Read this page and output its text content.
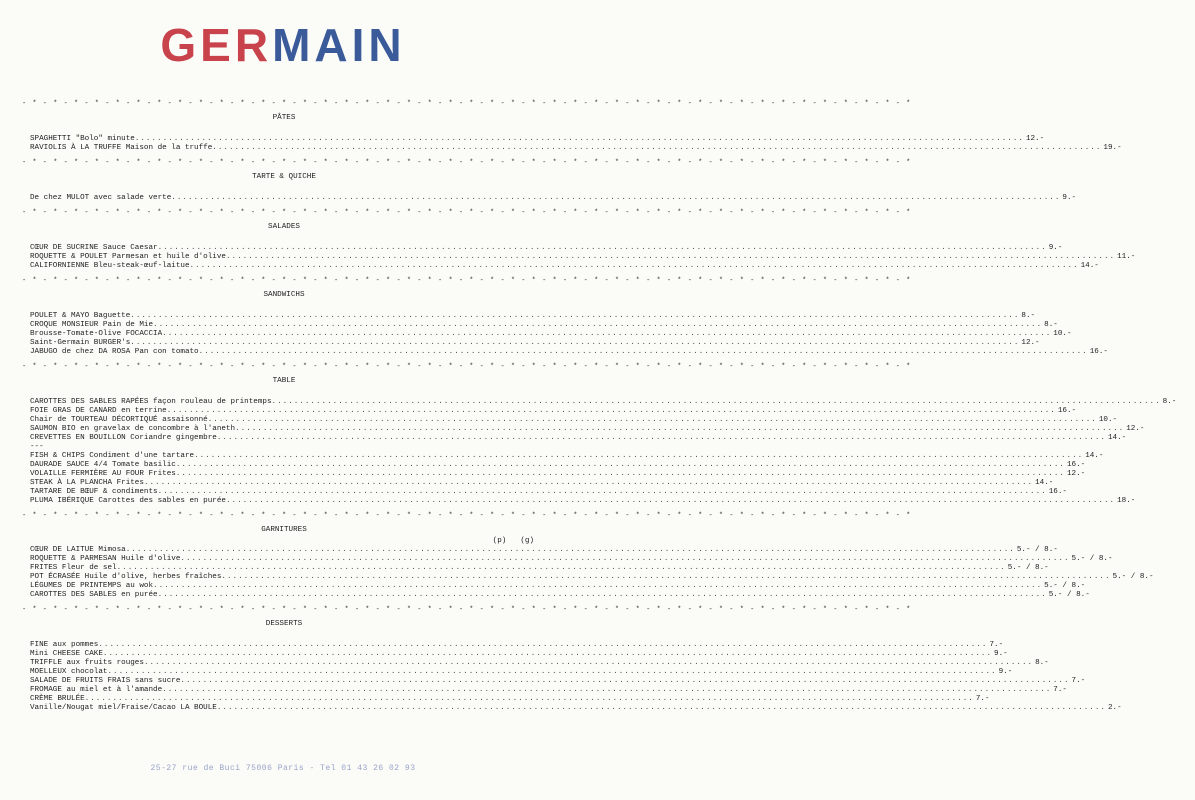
GERMAIN
- * - * - * - * - * - * - * - * - * - * - * - * - * - * - * - * - * - * - * - * - * - * - * - * - * - * - * - * - * - * - * - * - * - * - * - * - * - * - * - * - * - * - *
PÂTES
SPAGHETTI "Bolo" minute .....	12.-
RAVIOLIS À LA TRUFFE Maison de la truffe .....	19.-
- * - * - * - * - * - * - * - * - * - * - * - * - * - * - * - * - * - * - * - * - * - * - * - * - * - * - * - * - * - * - * - * - * - * - * - * - * - * - * - * - * - * - *
TARTE & QUICHE
De chez MULOT avec salade verte .....	9.-
- * - * - * - * - * - * - * - * - * - * - * - * - * - * - * - * - * - * - * - * - * - * - * - * - * - * - * - * - * - * - * - * - * - * - * - * - * - * - * - * - * - * - *
SALADES
CŒUR DE SUCRINE Sauce Caesar .....	9.-
ROQUETTE & POULET Parmesan et huile d'olive .....	11.-
CALIFORNIENNE Bleu-steak-œuf-laitue .....	14.-
- * - * - * - * - * - * - * - * - * - * - * - * - * - * - * - * - * - * - * - * - * - * - * - * - * - * - * - * - * - * - * - * - * - * - * - * - * - * - * - * - * - * - *
SANDWICHS
POULET & MAYO Baguette .....	8.-
CROQUE MONSIEUR Pain de Mie .....	8.-
Brousse-Tomate-Olive FOCACCIA .....	10.-
Saint-Germain BURGER's .....	12.-
JABUGO de chez DA ROSA Pan con tomato .....	16.-
- * - * - * - * - * - * - * - * - * - * - * - * - * - * - * - * - * - * - * - * - * - * - * - * - * - * - * - * - * - * - * - * - * - * - * - * - * - * - * - * - * - * - *
TABLE
CAROTTES DES SABLES RAPÉES façon rouleau de printemps .....	8.-
FOIE GRAS DE CANARD en terrine .....	16.-
Chair de TOURTEAU DÉCORTIQUÉ assaisonné .....	10.-
SAUMON BIO en gravelax de concombre à l'aneth .....	12.-
CREVETTES EN BOUILLON Coriandre gingembre .....	14.-
---
FISH & CHIPS Condiment d'une tartare .....	14.-
DAURADE SAUCE 4/4 Tomate basilic .....	16.-
VOLAILLE FERMIÈRE AU FOUR Frites .....	12.-
STEAK À LA PLANCHA Frites .....	14.-
TARTARE DE BŒUF & condiments .....	16.-
PLUMA IBÉRIQUE Carottes des sables en purée .....	18.-
- * - * - * - * - * - * - * - * - * - * - * - * - * - * - * - * - * - * - * - * - * - * - * - * - * - * - * - * - * - * - * - * - * - * - * - * - * - * - * - * - * - * - *
GARNITURES
(p) (g)
CŒUR DE LAITUE Mimosa .....	5.- / 8.-
ROQUETTE & PARMESAN Huile d'olive .....	5.- / 8.-
FRITES Fleur de sel .....	5.- / 8.-
POT ÉCRASÉE Huile d'olive, herbes fraîches .....	5.- / 8.-
LÉGUMES DE PRINTEMPS au wok .....	5.- / 8.-
CAROTTES DES SABLES en purée .....	5.- / 8.-
- * - * - * - * - * - * - * - * - * - * - * - * - * - * - * - * - * - * - * - * - * - * - * - * - * - * - * - * - * - * - * - * - * - * - * - * - * - * - * - * - * - * - *
DESSERTS
FINE aux pommes .....	7.-
Mini CHEESE CAKE .....	9.-
TRIFFLE aux fruits rouges .....	8.-
MOELLEUX chocolat .....	9.-
SALADE DE FRUITS FRAIS sans sucre .....	7.-
FROMAGE au miel et à l'amande .....	7.-
CRÈME BRULÉE .....	7.-
Vanille/Nougat miel/Fraise/Cacao LA BOULE .....	2.-
25-27 rue de Buci 75006 Paris - Tel 01 43 26 02 93
